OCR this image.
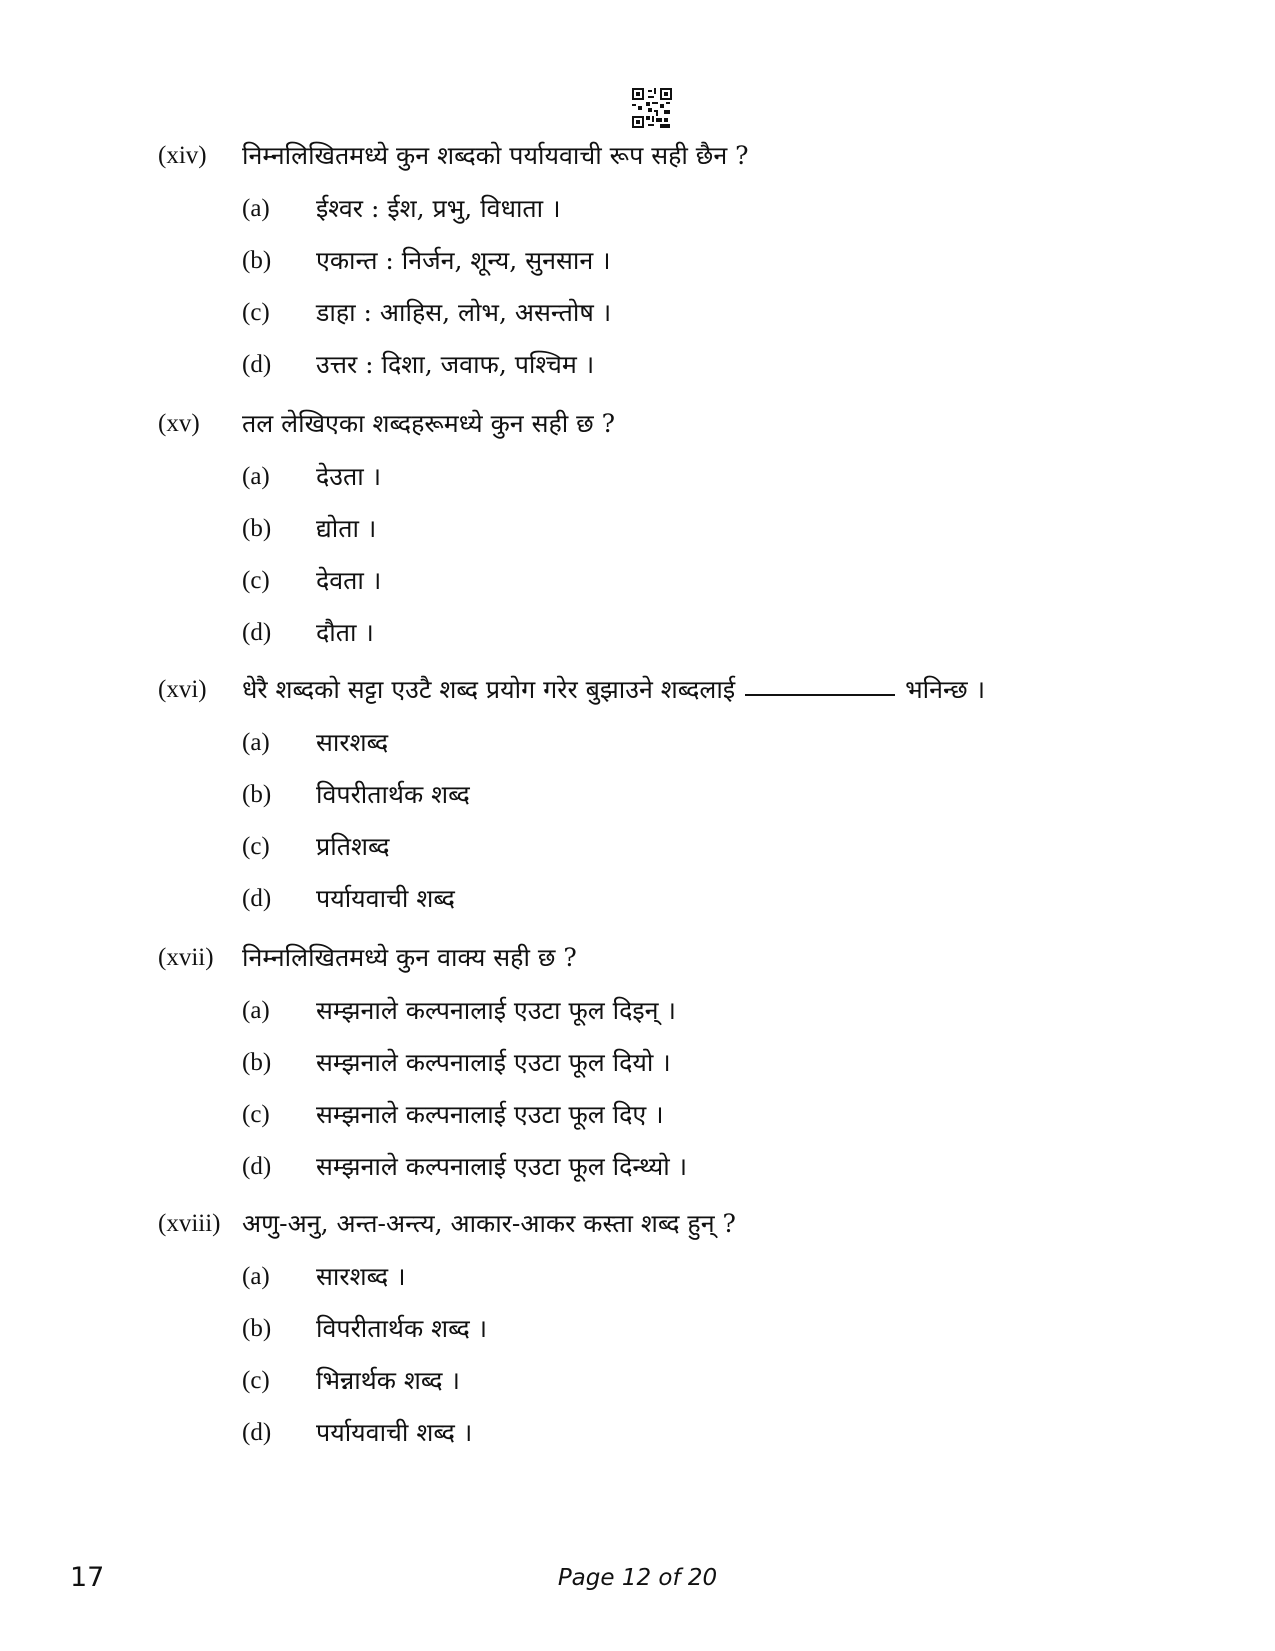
(xiv) निम्नलिखितमध्ये कुन शब्दको पर्यायवाची रूप सही छैन ?
(a) ईश्वर : ईश, प्रभु, विधाता ।
(b) एकान्त : निर्जन, शून्य, सुनसान ।
(c) डाहा : आहिस, लोभ, असन्तोष ।
(d) उत्तर : दिशा, जवाफ, पश्चिम ।
(xv) तल लेखिएका शब्दहरूमध्ये कुन सही छ ?
(a) देउता ।
(b) द्योता ।
(c) देवता ।
(d) दौता ।
(xvi) धेरै शब्दको सट्टा एउटै शब्द प्रयोग गरेर बुझाउने शब्दलाई	भनिन्छ ।
(a) सारशब्द
(b) विपरीतार्थक शब्द
(c) प्रतिशब्द
(d) पर्यायवाची शब्द
(xvii) निम्नलिखितमध्ये कुन वाक्य सही छ ?
(a) सम्झनाले कल्पनालाई एउटा फूल दिइन् ।
(b) सम्झनाले कल्पनालाई एउटा फूल दियो ।
(c) सम्झनाले कल्पनालाई एउटा फूल दिए ।
(d) सम्झनाले कल्पनालाई एउटा फूल दिन्थ्यो ।
(xviii) अणु-अनु, अन्त-अन्त्य, आकार-आकर कस्ता शब्द हुन् ?
(a) सारशब्द ।
(b) विपरीतार्थक शब्द ।
(c) भिन्नार्थक शब्द ।
(d) पर्यायवाची शब्द ।
17	Page 12 of 20
